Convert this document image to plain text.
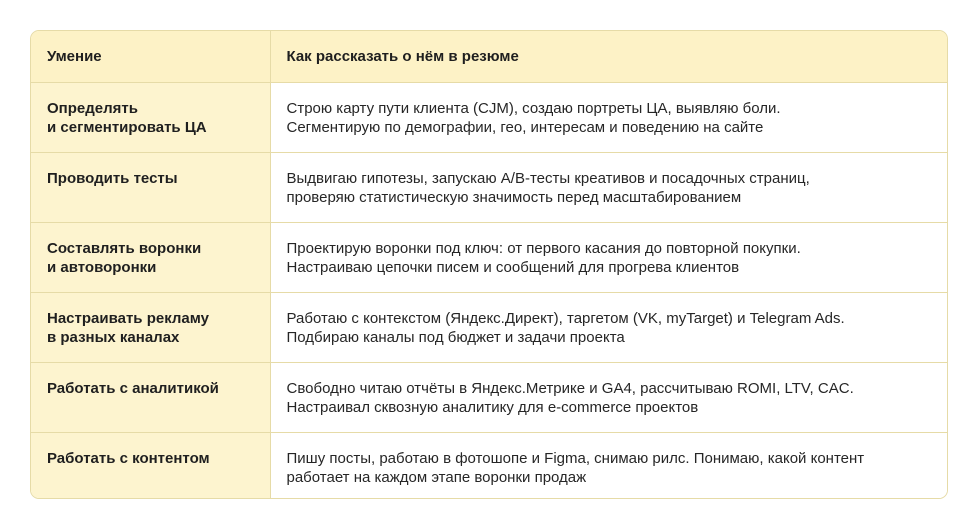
Умение	Как рассказать о нём в резюме
Определять
и сегментировать ЦА	Строю карту пути клиента (CJM), создаю портреты ЦА, выявляю боли.
Сегментирую по демографии, гео, интересам и поведению на сайте
Проводить тесты	Выдвигаю гипотезы, запускаю A/B-тесты креативов и посадочных страниц,
проверяю статистическую значимость перед масштабированием
Составлять воронки
и автоворонки	Проектирую воронки под ключ: от первого касания до повторной покупки.
Настраиваю цепочки писем и сообщений для прогрева клиентов
Настраивать рекламу
в разных каналах	Работаю с контекстом (Яндекс.Директ), таргетом (VK, myTarget) и Telegram Ads.
Подбираю каналы под бюджет и задачи проекта
Работать с аналитикой	Свободно читаю отчёты в Яндекс.Метрике и GA4, рассчитываю ROMI, LTV, CAC.
Настраивал сквозную аналитику для e-commerce проектов
Работать с контентом	Пишу посты, работаю в фотошопе и Figma, снимаю рилс. Понимаю, какой контент
работает на каждом этапе воронки продаж
